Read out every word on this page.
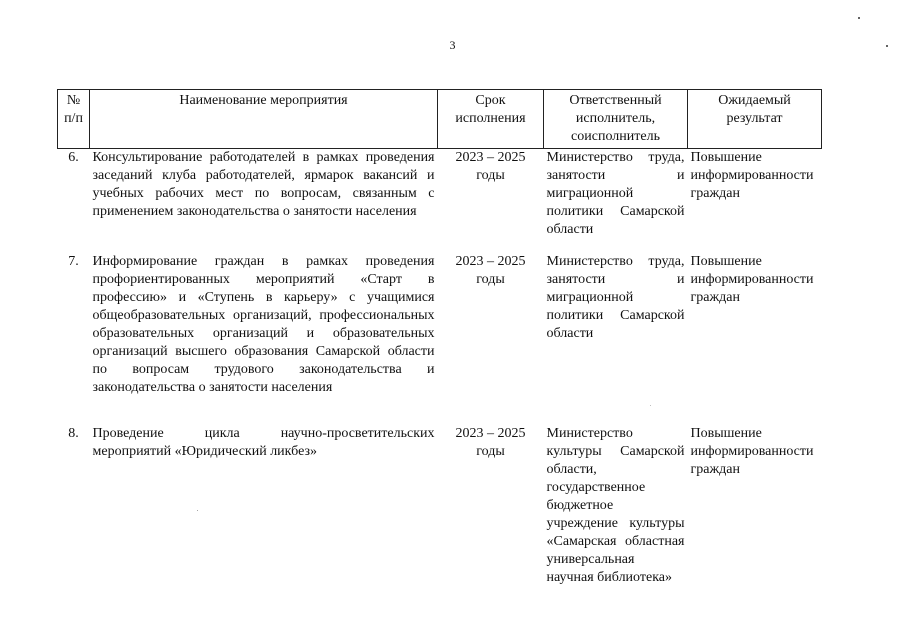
3
№ п/п	Наименование мероприятия	Срок исполнения	Ответственный исполнитель, соисполнитель	Ожидаемый результат
6.	Консультирование работодателей в рамках проведения заседаний клуба работодателей, ярмарок вакансий и учебных рабочих мест по вопросам, связанным с применением законодательства о занятости населения	2023 – 2025 годы	Министерство труда, занятости и миграционной политики Самарской области	Повышение информированности граждан
7.	Информирование граждан в рамках проведения профориентированных мероприятий «Старт в профессию» и «Ступень в карьеру» с учащимися общеобразовательных организаций, профессиональных образовательных организаций и образовательных организаций высшего образования Самарской области по вопросам трудового законодательства и законодательства о занятости населения	2023 – 2025 годы	Министерство труда, занятости и миграционной политики Самарской области	Повышение информированности граждан
8.	Проведение цикла научно-просветительских мероприятий «Юридический ликбез»	2023 – 2025 годы	Министерство культуры Самарской области, государственное бюджетное учреждение культуры «Самарская областная универсальная научная библиотека»	Повышение информированности граждан
